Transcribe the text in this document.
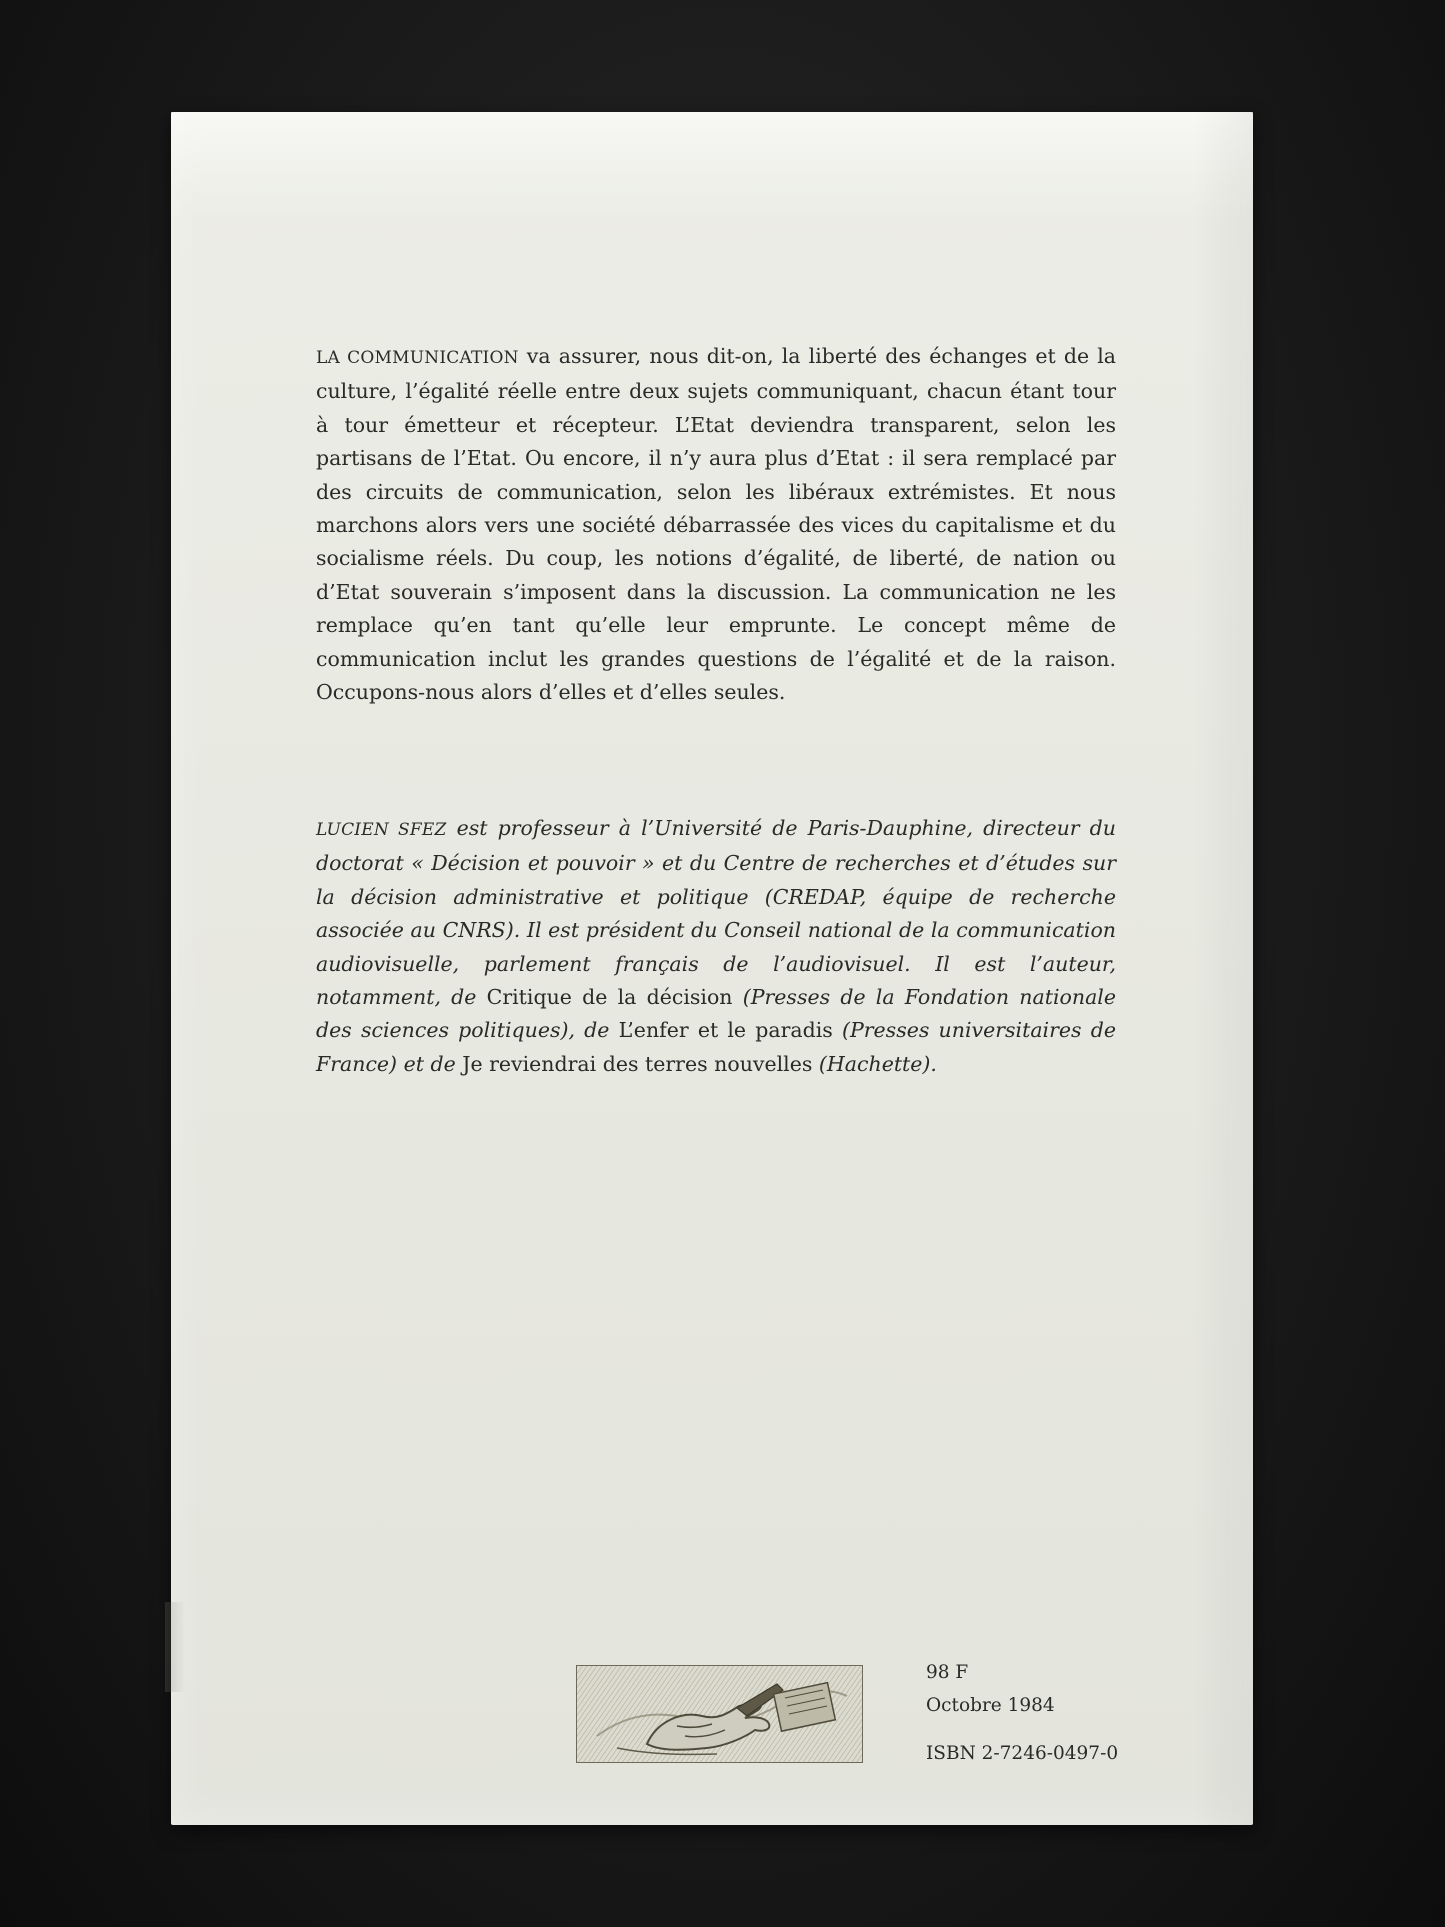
LA COMMUNICATION va assurer, nous dit-on, la liberté des échanges et de la culture, l’égalité réelle entre deux sujets communiquant, chacun étant tour à tour émetteur et récepteur. L’Etat deviendra transparent, selon les partisans de l’Etat. Ou encore, il n’y aura plus d’Etat : il sera remplacé par des circuits de communication, selon les libéraux extrémistes. Et nous marchons alors vers une société débarrassée des vices du capitalisme et du socialisme réels. Du coup, les notions d’égalité, de liberté, de nation ou d’Etat souverain s’imposent dans la discussion. La communication ne les remplace qu’en tant qu’elle leur emprunte. Le concept même de communication inclut les grandes questions de l’égalité et de la raison. Occupons-nous alors d’elles et d’elles seules.

LUCIEN SFEZ est professeur à l’Université de Paris-Dauphine, directeur du doctorat « Décision et pouvoir » et du Centre de recherches et d’études sur la décision administrative et politique (CREDAP, équipe de recherche associée au CNRS). Il est président du Conseil national de la communication audiovisuelle, parlement français de l’audiovisuel. Il est l’auteur, notamment, de Critique de la décision (Presses de la Fondation nationale des sciences politiques), de L’enfer et le paradis (Presses universitaires de France) et de Je reviendrai des terres nouvelles (Hachette).

98 F
Octobre 1984
ISBN 2-7246-0497-0
